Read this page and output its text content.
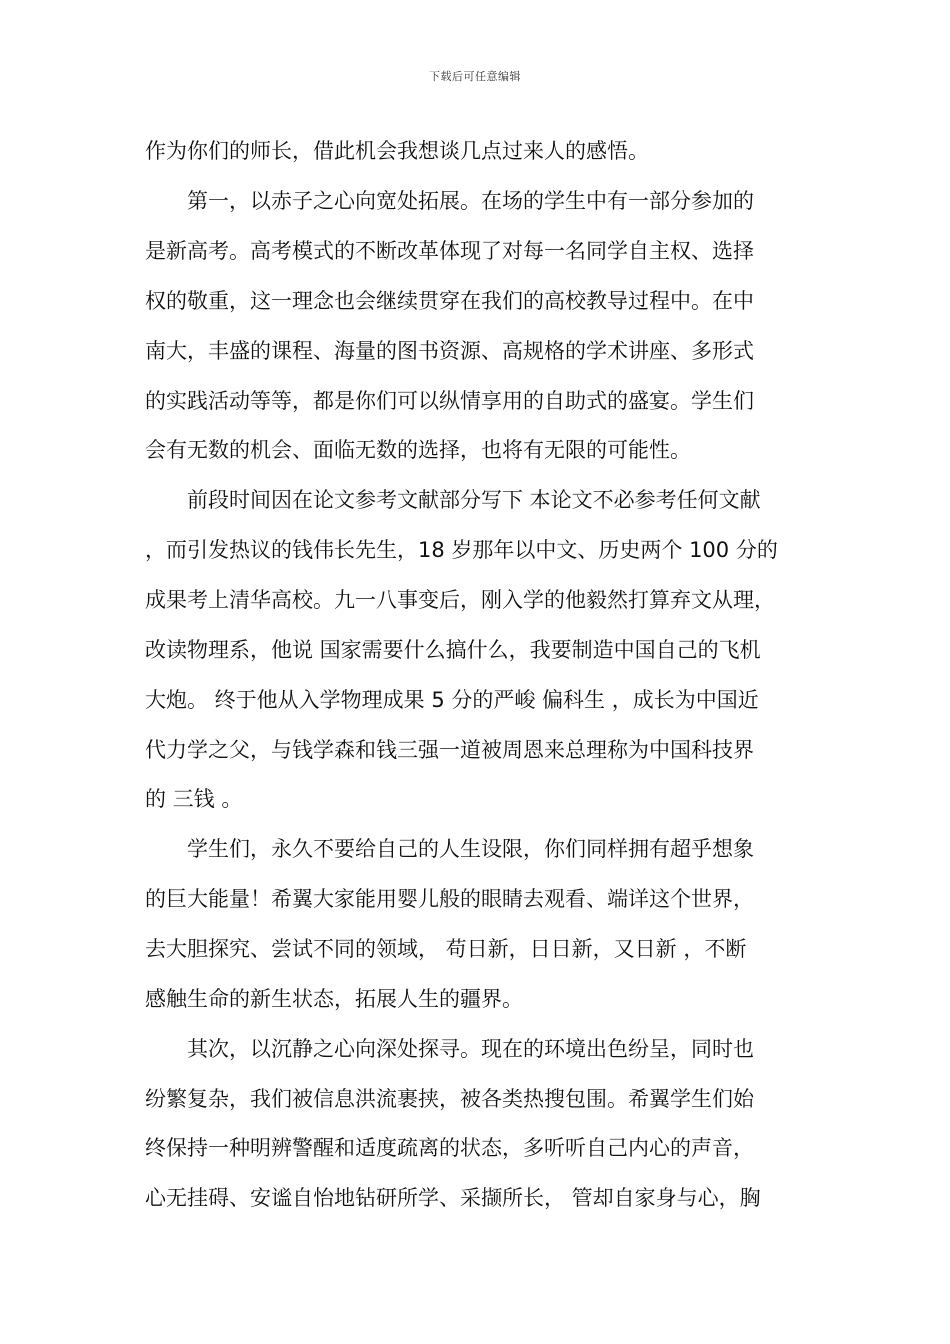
下载后可任意编辑
作为你们的师长，借此机会我想谈几点过来人的感悟。
　　第一，以赤子之心向宽处拓展。在场的学生中有一部分参加的
是新高考。高考模式的不断改革体现了对每一名同学自主权、选择
权的敬重，这一理念也会继续贯穿在我们的高校教导过程中。在中
南大，丰盛的课程、海量的图书资源、高规格的学术讲座、多形式
的实践活动等等，都是你们可以纵情享用的自助式的盛宴。学生们
会有无数的机会、面临无数的选择，也将有无限的可能性。
　　前段时间因在论文参考文献部分写下 本论文不必参考任何文献
，而引发热议的钱伟长先生，18 岁那年以中文、历史两个 100 分的
成果考上清华高校。九一八事变后，刚入学的他毅然打算弃文从理，
改读物理系，他说 国家需要什么搞什么，我要制造中国自己的飞机
大炮。 终于他从入学物理成果 5 分的严峻 偏科生 ，成长为中国近
代力学之父，与钱学森和钱三强一道被周恩来总理称为中国科技界
的 三钱 。
　　学生们，永久不要给自己的人生设限，你们同样拥有超乎想象
的巨大能量！希翼大家能用婴儿般的眼睛去观看、端详这个世界，
去大胆探究、尝试不同的领域， 苟日新，日日新，又日新 ，不断
感触生命的新生状态，拓展人生的疆界。
　　其次，以沉静之心向深处探寻。现在的环境出色纷呈，同时也
纷繁复杂，我们被信息洪流裹挟，被各类热搜包围。希翼学生们始
终保持一种明辨警醒和适度疏离的状态，多听听自己内心的声音，
心无挂碍、安谧自怡地钻研所学、采撷所长， 管却自家身与心，胸
